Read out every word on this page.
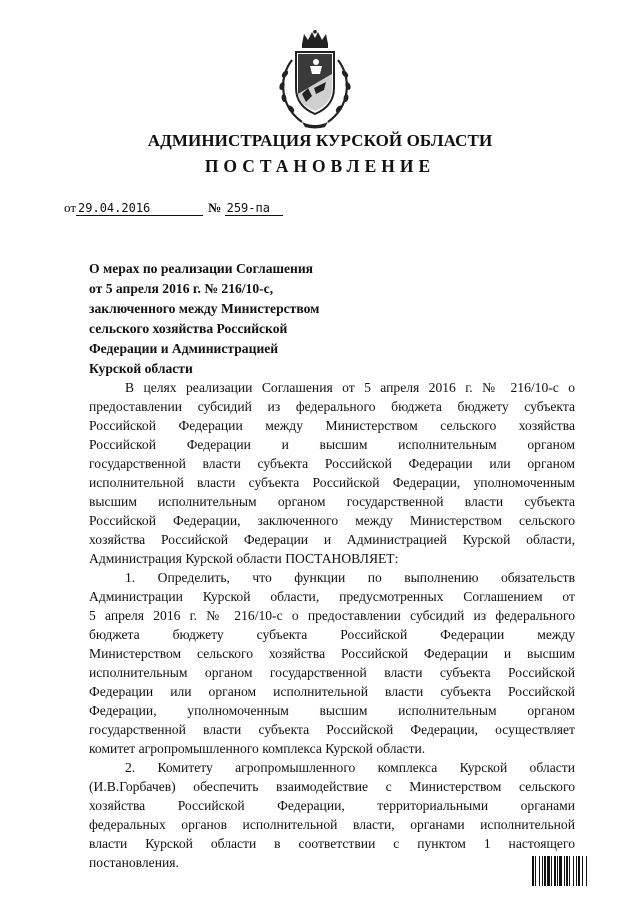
АДМИНИСТРАЦИЯ КУРСКОЙ ОБЛАСТИ
ПОСТАНОВЛЕНИЕ
от 29.04.2016	№ 259-па
О мерах по реализации Соглашения
от 5 апреля 2016 г. № 216/10-с,
заключенного между Министерством
сельского хозяйства Российской
Федерации и Администрацией
Курской области
В целях реализации Соглашения от 5 апреля 2016 г. № 216/10-с о
предоставлении субсидий из федерального бюджета бюджету субъекта
Российской Федерации между Министерством сельского хозяйства
Российской Федерации и высшим исполнительным органом
государственной власти субъекта Российской Федерации или органом
исполнительной власти субъекта Российской Федерации, уполномоченным
высшим исполнительным органом государственной власти субъекта
Российской Федерации, заключенного между Министерством сельского
хозяйства Российской Федерации и Администрацией Курской области,
Администрация Курской области ПОСТАНОВЛЯЕТ:
1. Определить, что функции по выполнению обязательств
Администрации Курской области, предусмотренных Соглашением от
5 апреля 2016 г. № 216/10-с о предоставлении субсидий из федерального
бюджета бюджету субъекта Российской Федерации между
Министерством сельского хозяйства Российской Федерации и высшим
исполнительным органом государственной власти субъекта Российской
Федерации или органом исполнительной власти субъекта Российской
Федерации, уполномоченным высшим исполнительным органом
государственной власти субъекта Российской Федерации, осуществляет
комитет агропромышленного комплекса Курской области.
2. Комитету агропромышленного комплекса Курской области
(И.В.Горбачев) обеспечить взаимодействие с Министерством сельского
хозяйства Российской Федерации, территориальными органами
федеральных органов исполнительной власти, органами исполнительной
власти Курской области в соответствии с пунктом 1 настоящего
постановления.
